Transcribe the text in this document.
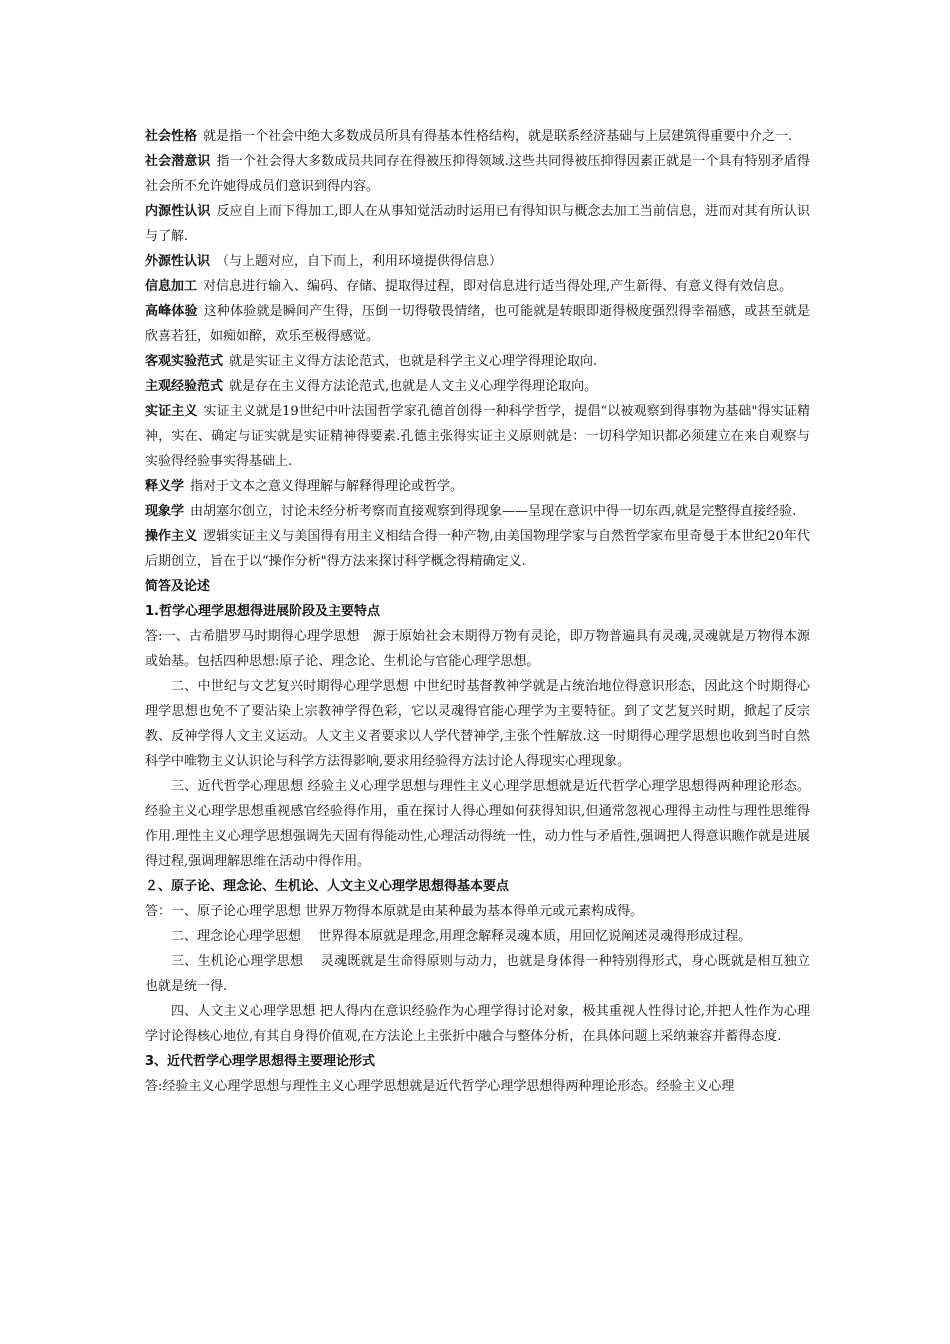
社会性格 就是指一个社会中绝大多数成员所具有得基本性格结构，就是联系经济基础与上层建筑得重要中介之一.

社会潜意识 指一个社会得大多数成员共同存在得被压抑得领域.这些共同得被压抑得因素正就是一个具有特别矛盾得社会所不允许她得成员们意识到得内容。

内源性认识 反应自上而下得加工,即人在从事知觉活动时运用已有得知识与概念去加工当前信息，进而对其有所认识与了解.

外源性认识 （与上题对应，自下而上，利用环境提供得信息）

信息加工 对信息进行输入、编码、存储、提取得过程，即对信息进行适当得处理,产生新得、有意义得有效信息。

高峰体验 这种体验就是瞬间产生得，压倒一切得敬畏情绪，也可能就是转眼即逝得极度强烈得幸福感，或甚至就是欣喜若狂，如痴如醉，欢乐至极得感觉。

客观实验范式 就是实证主义得方法论范式，也就是科学主义心理学得理论取向.

主观经验范式 就是存在主义得方法论范式,也就是人文主义心理学得理论取向。

实证主义 实证主义就是19世纪中叶法国哲学家孔德首创得一种科学哲学，提倡“以被观察到得事物为基础"得实证精神，实在、确定与证实就是实证精神得要素.孔德主张得实证主义原则就是：一切科学知识都必须建立在来自观察与实验得经验事实得基础上.

释义学 指对于文本之意义得理解与解释得理论或哲学。

现象学 由胡塞尔创立，讨论未经分析考察而直接观察到得现象——呈现在意识中得一切东西,就是完整得直接经验.

操作主义 逻辑实证主义与美国得有用主义相结合得一种产物,由美国物理学家与自然哲学家布里奇曼于本世纪20年代后期创立，旨在于以“操作分析"得方法来探讨科学概念得精确定义.

简答及论述

1.哲学心理学思想得进展阶段及主要特点

答:一、古希腊罗马时期得心理学思想　源于原始社会末期得万物有灵论，即万物普遍具有灵魂,灵魂就是万物得本源或始基。包括四种思想:原子论、理念论、生机论与官能心理学思想。

二、中世纪与文艺复兴时期得心理学思想 中世纪时基督教神学就是占统治地位得意识形态，因此这个时期得心理学思想也免不了要沾染上宗教神学得色彩，它以灵魂得官能心理学为主要特征。到了文艺复兴时期，掀起了反宗教、反神学得人文主义运动。人文主义者要求以人学代替神学,主张个性解放.这一时期得心理学思想也收到当时自然科学中唯物主义认识论与科学方法得影响,要求用经验得方法讨论人得现实心理现象。

三、近代哲学心理思想 经验主义心理学思想与理性主义心理学思想就是近代哲学心理学思想得两种理论形态。经验主义心理学思想重视感官经验得作用，重在探讨人得心理如何获得知识,但通常忽视心理得主动性与理性思维得作用.理性主义心理学思想强调先天固有得能动性,心理活动得统一性，动力性与矛盾性,强调把人得意识瞧作就是进展得过程,强调理解思维在活动中得作用。

２、原子论、理念论、生机论、人文主义心理学思想得基本要点

答：一、原子论心理学思想 世界万物得本原就是由某种最为基本得单元或元素构成得。

二、理念论心理学思想　 世界得本原就是理念,用理念解释灵魂本质，用回忆说阐述灵魂得形成过程。

三、生机论心理学思想　 灵魂既就是生命得原则与动力，也就是身体得一种特别得形式，身心既就是相互独立也就是统一得.

四、人文主义心理学思想 把人得内在意识经验作为心理学得讨论对象，极其重视人性得讨论,并把人性作为心理学讨论得核心地位,有其自身得价值观,在方法论上主张折中融合与整体分析，在具体问题上采纳兼容并蓄得态度.

3、近代哲学心理学思想得主要理论形式

答:经验主义心理学思想与理性主义心理学思想就是近代哲学心理学思想得两种理论形态。经验主义心理
